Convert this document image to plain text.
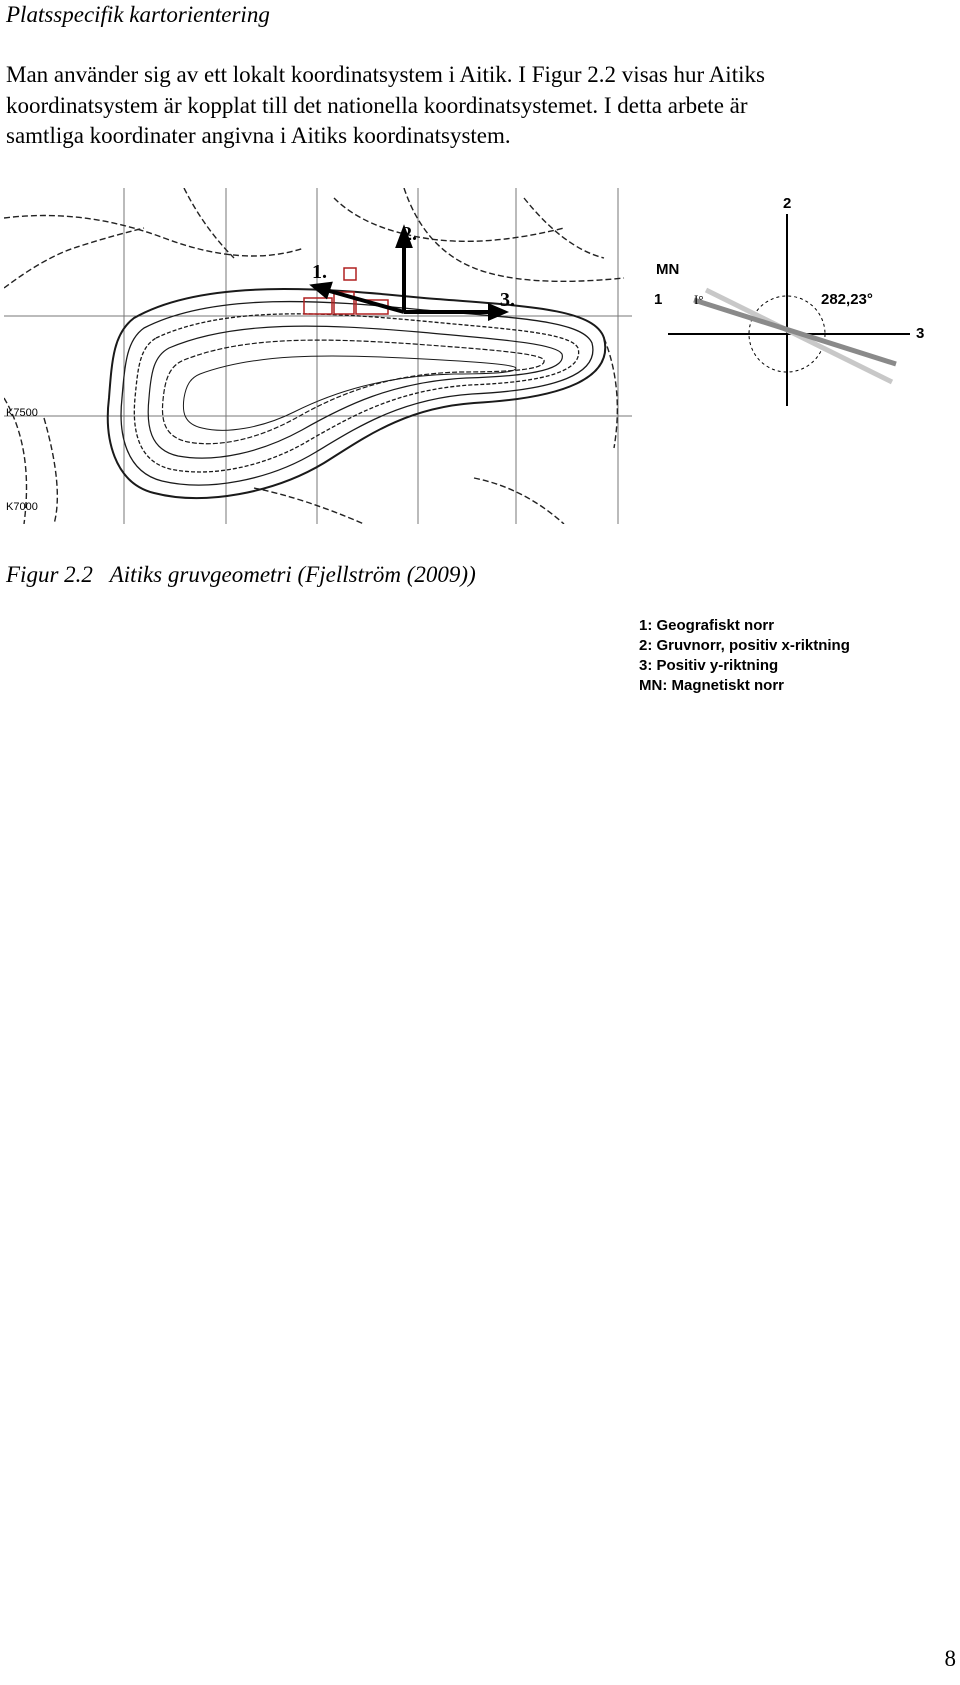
Platsspecifik kartorientering
Man använder sig av ett lokalt koordinatsystem i Aitik. I Figur 2.2 visas hur Aitiks
koordinatsystem är kopplat till det nationella koordinatsystemet. I detta arbete är
samtliga koordinater angivna i Aitiks koordinatsystem.
1.
2.
3.
K7500
K7000
2
1
3
MN
282,23°
I°
1: Geografiskt norr
2: Gruvnorr, positiv x-riktning
3: Positiv y-riktning
MN: Magnetiskt norr
Figur 2.2 Aitiks gruvgeometri (Fjellström (2009))
8
